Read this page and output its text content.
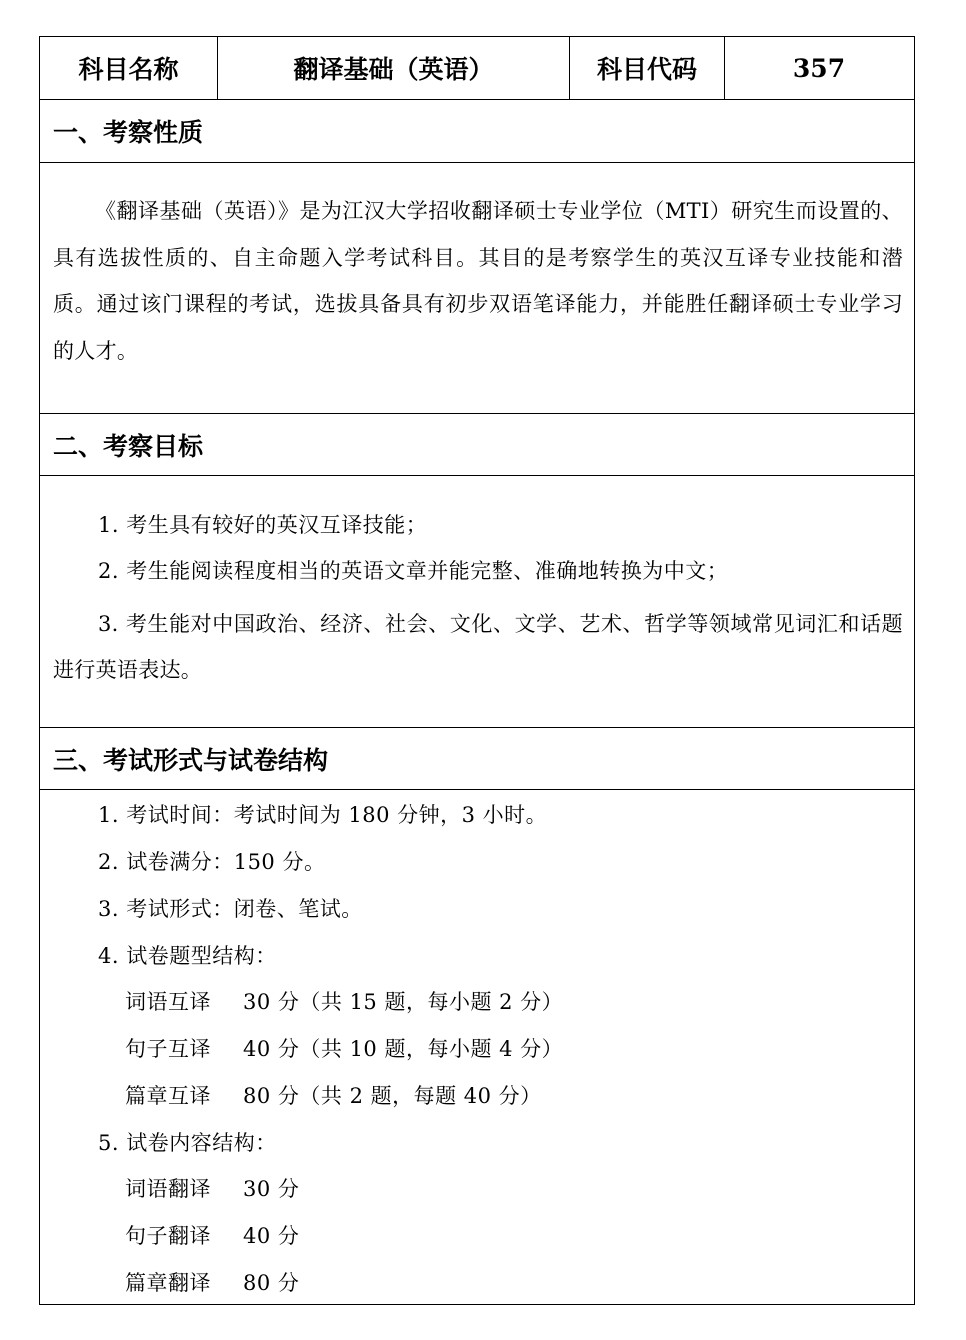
科目名称	翻译基础（英语）	科目代码	357
一、考察性质
《翻译基础（英语）》是为江汉大学招收翻译硕士专业学位（MTI）研究生而设置的、具有选拔性质的、自主命题入学考试科目。其目的是考察学生的英汉互译专业技能和潜质。通过该门课程的考试，选拔具备具有初步双语笔译能力，并能胜任翻译硕士专业学习的人才。
二、考察目标
1. 考生具有较好的英汉互译技能；
2. 考生能阅读程度相当的英语文章并能完整、准确地转换为中文；
3. 考生能对中国政治、经济、社会、文化、文学、艺术、哲学等领域常见词汇和话题进行英语表达。
三、考试形式与试卷结构
1. 考试时间：考试时间为 180 分钟，3 小时。
2. 试卷满分：150 分。
3. 考试形式：闭卷、笔试。
4. 试卷题型结构：
词语互译 30 分（共 15 题，每小题 2 分）
句子互译 40 分（共 10 题，每小题 4 分）
篇章互译 80 分（共 2 题，每题 40 分）
5. 试卷内容结构：
词语翻译 30 分
句子翻译 40 分
篇章翻译 80 分
